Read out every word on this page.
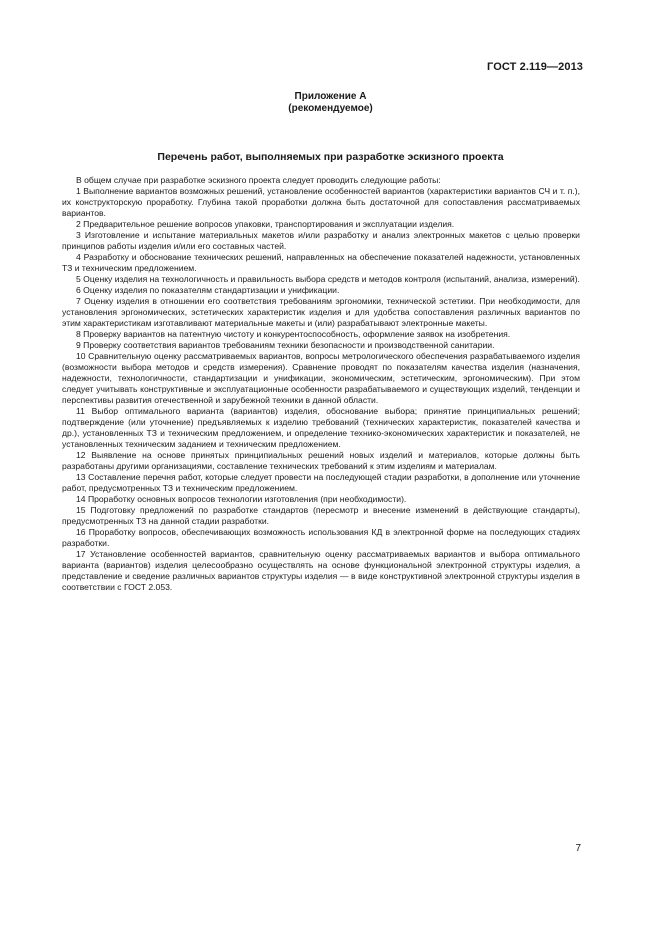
ГОСТ 2.119—2013
Приложение А
(рекомендуемое)
Перечень работ, выполняемых при разработке эскизного проекта

В общем случае при разработке эскизного проекта следует проводить следующие работы:

1 Выполнение вариантов возможных решений, установление особенностей вариантов (характеристики вариантов СЧ и т. п.), их конструкторскую проработку. Глубина такой проработки должна быть достаточной для сопоставления рассматриваемых вариантов.

2 Предварительное решение вопросов упаковки, транспортирования и эксплуатации изделия.

3 Изготовление и испытание материальных макетов и/или разработку и анализ электронных макетов с целью проверки принципов работы изделия и/или его составных частей.

4 Разработку и обоснование технических решений, направленных на обеспечение показателей надежности, установленных ТЗ и техническим предложением.

5 Оценку изделия на технологичность и правильность выбора средств и методов контроля (испытаний, анализа, измерений).

6 Оценку изделия по показателям стандартизации и унификации.

7 Оценку изделия в отношении его соответствия требованиям эргономики, технической эстетики. При необходимости, для установления эргономических, эстетических характеристик изделия и для удобства сопоставления различных вариантов по этим характеристикам изготавливают материальные макеты и (или) разрабатывают электронные макеты.

8 Проверку вариантов на патентную чистоту и конкурентоспособность, оформление заявок на изобретения.

9 Проверку соответствия вариантов требованиям техники безопасности и производственной санитарии.

10 Сравнительную оценку рассматриваемых вариантов, вопросы метрологического обеспечения разрабатываемого изделия (возможности выбора методов и средств измерения). Сравнение проводят по показателям качества изделия (назначения, надежности, технологичности, стандартизации и унификации, экономическим, эстетическим, эргономическим). При этом следует учитывать конструктивные и эксплуатационные особенности разрабатываемого и существующих изделий, тенденции и перспективы развития отечественной и зарубежной техники в данной области.

11 Выбор оптимального варианта (вариантов) изделия, обоснование выбора; принятие принципиальных решений; подтверждение (или уточнение) предъявляемых к изделию требований (технических характеристик, показателей качества и др.), установленных ТЗ и техническим предложением, и определение технико-экономических характеристик и показателей, не установленных техническим заданием и техническим предложением.

12 Выявление на основе принятых принципиальных решений новых изделий и материалов, которые должны быть разработаны другими организациями, составление технических требований к этим изделиям и материалам.

13 Составление перечня работ, которые следует провести на последующей стадии разработки, в дополнение или уточнение работ, предусмотренных ТЗ и техническим предложением.

14 Проработку основных вопросов технологии изготовления (при необходимости).

15 Подготовку предложений по разработке стандартов (пересмотр и внесение изменений в действующие стандарты), предусмотренных ТЗ на данной стадии разработки.

16 Проработку вопросов, обеспечивающих возможность использования КД в электронной форме на последующих стадиях разработки.

17 Установление особенностей вариантов, сравнительную оценку рассматриваемых вариантов и выбора оптимального варианта (вариантов) изделия целесообразно осуществлять на основе функциональной электронной структуры изделия, а представление и сведение различных вариантов структуры изделия — в виде конструктивной электронной структуры изделия в соответствии с ГОСТ 2.053.

7
